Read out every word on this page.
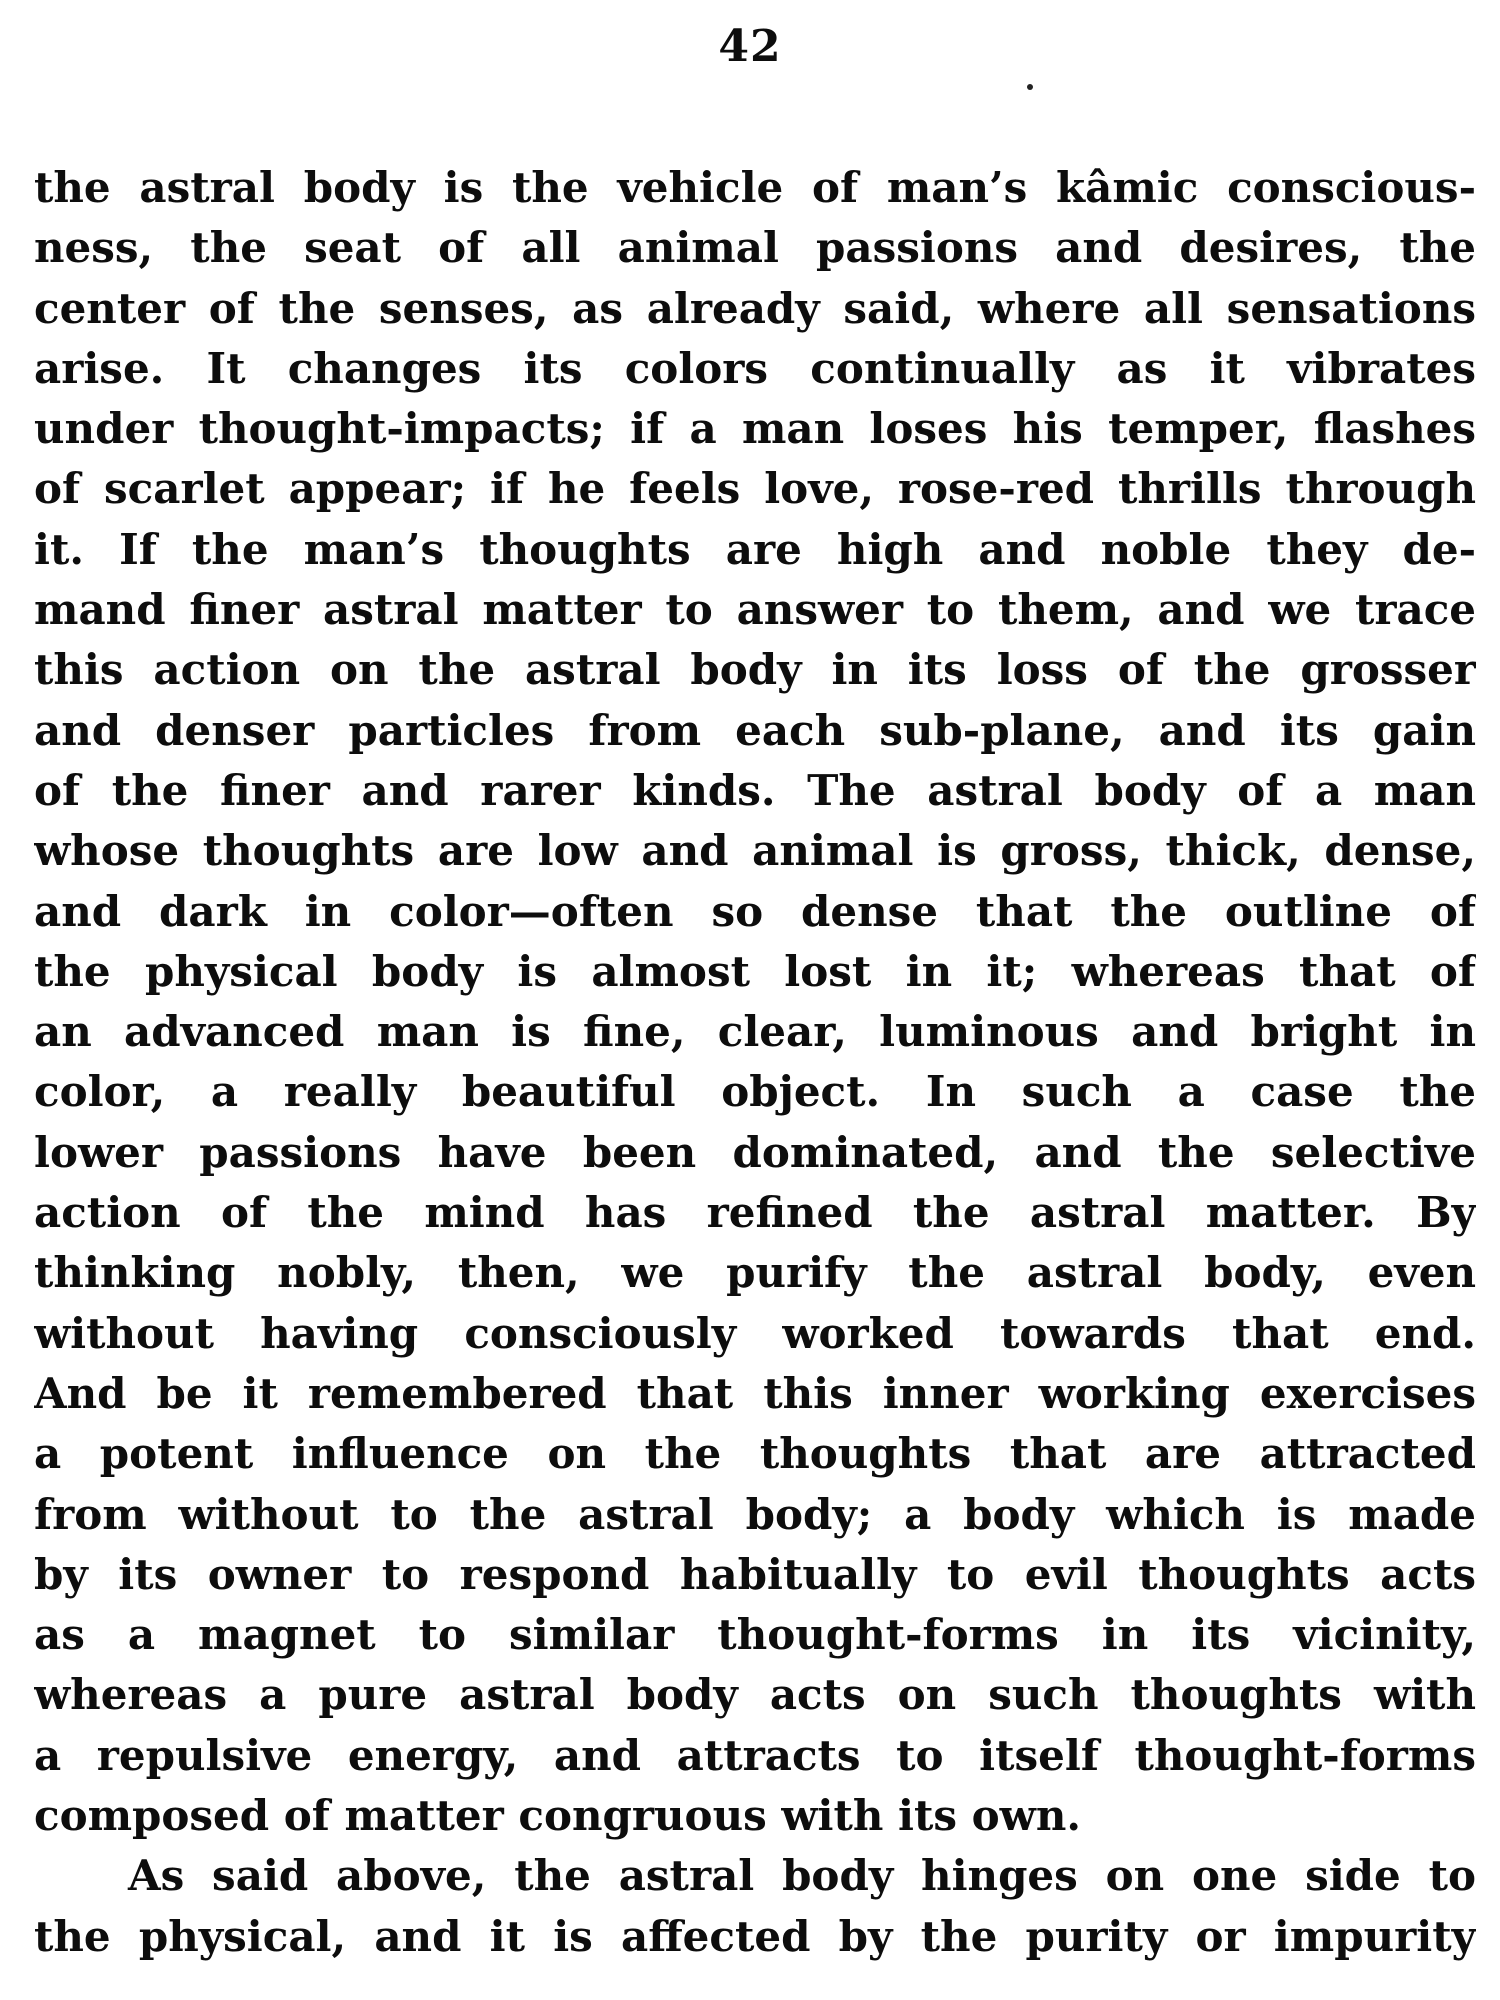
42
the astral body is the vehicle of man’s kâmic conscious-
ness, the seat of all animal passions and desires, the
center of the senses, as already said, where all sensations
arise. It changes its colors continually as it vibrates
under thought-impacts; if a man loses his temper, flashes
of scarlet appear; if he feels love, rose-red thrills through
it. If the man’s thoughts are high and noble they de-
mand finer astral matter to answer to them, and we trace
this action on the astral body in its loss of the grosser
and denser particles from each sub-plane, and its gain
of the finer and rarer kinds. The astral body of a man
whose thoughts are low and animal is gross, thick, dense,
and dark in color—often so dense that the outline of
the physical body is almost lost in it; whereas that of
an advanced man is fine, clear, luminous and bright in
color, a really beautiful object. In such a case the
lower passions have been dominated, and the selective
action of the mind has refined the astral matter. By
thinking nobly, then, we purify the astral body, even
without having consciously worked towards that end.
And be it remembered that this inner working exercises
a potent influence on the thoughts that are attracted
from without to the astral body; a body which is made
by its owner to respond habitually to evil thoughts acts
as a magnet to similar thought-forms in its vicinity,
whereas a pure astral body acts on such thoughts with
a repulsive energy, and attracts to itself thought-forms
composed of matter congruous with its own.
As said above, the astral body hinges on one side to
the physical, and it is affected by the purity or impurity
